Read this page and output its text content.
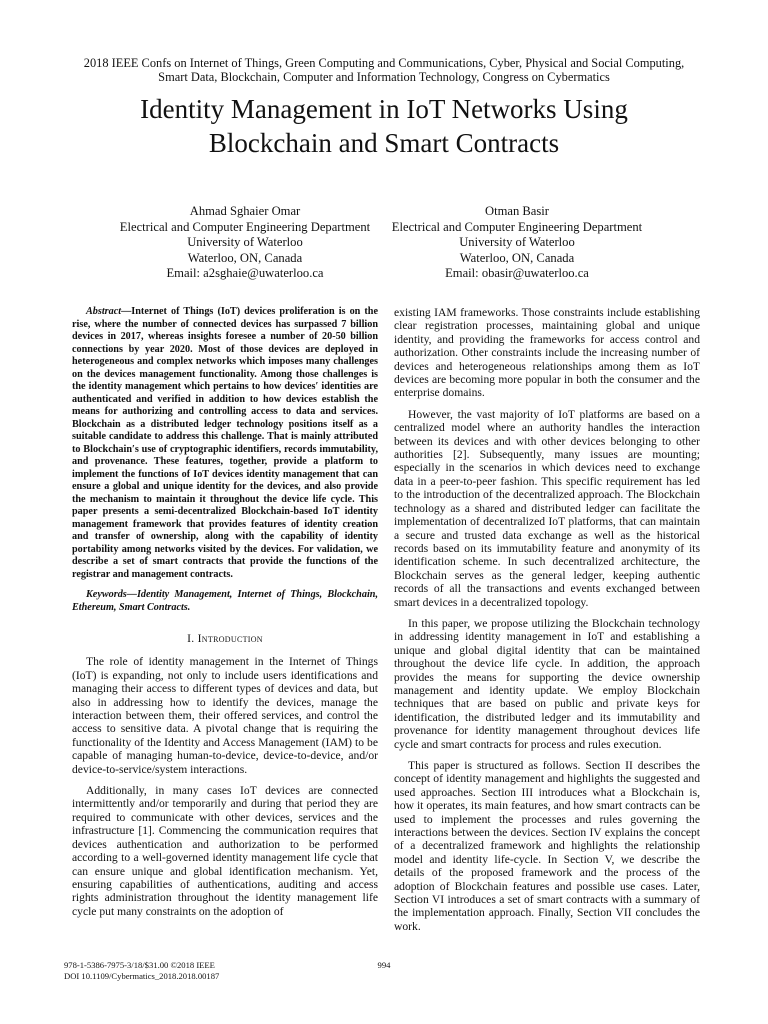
2018 IEEE Confs on Internet of Things, Green Computing and Communications, Cyber, Physical and Social Computing,
Smart Data, Blockchain, Computer and Information Technology, Congress on Cybermatics
Identity Management in IoT Networks Using
Blockchain and Smart Contracts
Ahmad Sghaier Omar
Electrical and Computer Engineering Department
University of Waterloo
Waterloo, ON, Canada
Email: a2sghaie@uwaterloo.ca
Otman Basir
Electrical and Computer Engineering Department
University of Waterloo
Waterloo, ON, Canada
Email: obasir@uwaterloo.ca

Abstract—Internet of Things (IoT) devices proliferation is on the rise, where the number of connected devices has surpassed 7 billion devices in 2017, whereas insights foresee a number of 20-50 billion connections by year 2020. Most of those devices are deployed in heterogeneous and complex networks which imposes many challenges on the devices management functionality. Among those challenges is the identity management which pertains to how devices′ identities are authenticated and verified in addition to how devices establish the means for authorizing and controlling access to data and services. Blockchain as a distributed ledger technology positions itself as a suitable candidate to address this challenge. That is mainly attributed to Blockchain′s use of cryptographic identifiers, records immutability, and provenance. These features, together, provide a platform to implement the functions of IoT devices identity management that can ensure a global and unique identity for the devices, and also provide the mechanism to maintain it throughout the device life cycle. This paper presents a semi-decentralized Blockchain-based IoT identity management framework that provides features of identity creation and transfer of ownership, along with the capability of identity portability among networks visited by the devices. For validation, we describe a set of smart contracts that provide the functions of the registrar and management contracts.

Keywords—Identity Management, Internet of Things, Blockchain, Ethereum, Smart Contracts.

I. Introduction

The role of identity management in the Internet of Things (IoT) is expanding, not only to include users identifications and managing their access to different types of devices and data, but also in addressing how to identify the devices, manage the interaction between them, their offered services, and control the access to sensitive data. A pivotal change that is requiring the functionality of the Identity and Access Management (IAM) to be capable of managing human-to-device, device-to-device, and/or device-to-service/system interactions.

Additionally, in many cases IoT devices are connected intermittently and/or temporarily and during that period they are required to communicate with other devices, services and the infrastructure [1]. Commencing the communication requires that devices authentication and authorization to be performed according to a well-governed identity management life cycle that can ensure unique and global identification mechanism. Yet, ensuring capabilities of authentications, auditing and access rights administration throughout the identity management life cycle put many constraints on the adoption of

existing IAM frameworks. Those constraints include establishing clear registration processes, maintaining global and unique identity, and providing the frameworks for access control and authorization. Other constraints include the increasing number of devices and heterogeneous relationships among them as IoT devices are becoming more popular in both the consumer and the enterprise domains.

However, the vast majority of IoT platforms are based on a centralized model where an authority handles the interaction between its devices and with other devices belonging to other authorities [2]. Subsequently, many issues are mounting; especially in the scenarios in which devices need to exchange data in a peer-to-peer fashion. This specific requirement has led to the introduction of the decentralized approach. The Blockchain technology as a shared and distributed ledger can facilitate the implementation of decentralized IoT platforms, that can maintain a secure and trusted data exchange as well as the historical records based on its immutability feature and anonymity of its identification scheme. In such decentralized architecture, the Blockchain serves as the general ledger, keeping authentic records of all the transactions and events exchanged between smart devices in a decentralized topology.

In this paper, we propose utilizing the Blockchain technology in addressing identity management in IoT and establishing a unique and global digital identity that can be maintained throughout the device life cycle. In addition, the approach provides the means for supporting the device ownership management and identity update. We employ Blockchain techniques that are based on public and private keys for identification, the distributed ledger and its immutability and provenance for identity management throughout devices life cycle and smart contracts for process and rules execution.

This paper is structured as follows. Section II describes the concept of identity management and highlights the suggested and used approaches. Section III introduces what a Blockchain is, how it operates, its main features, and how smart contracts can be used to implement the processes and rules governing the interactions between the devices. Section IV explains the concept of a decentralized framework and highlights the relationship model and identity life-cycle. In Section V, we describe the details of the proposed framework and the process of the adoption of Blockchain features and possible use cases. Later, Section VI introduces a set of smart contracts with a summary of the implementation approach. Finally, Section VII concludes the work.

978-1-5386-7975-3/18/$31.00 ©2018 IEEE
DOI 10.1109/Cybermatics_2018.2018.00187
994
